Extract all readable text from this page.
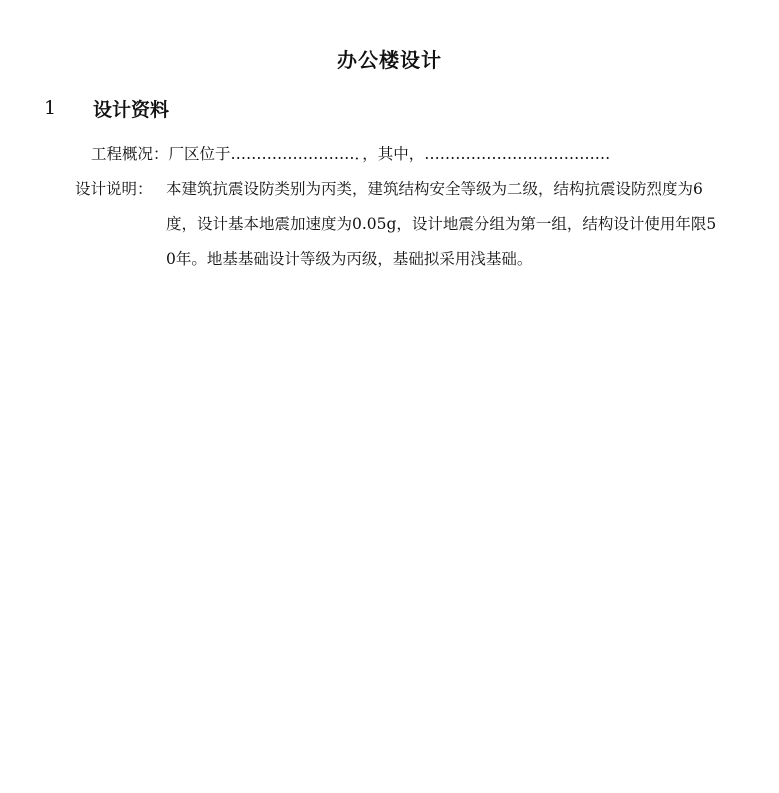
办公楼设计
1	设计资料
工程概况：厂区位于……………………．，其中，………………………………
设计说明： 本建筑抗震设防类别为丙类，建筑结构安全等级为二级，结构抗震设防烈度为6度，设计基本地震加速度为0.05g，设计地震分组为第一组，结构设计使用年限50年。地基基础设计等级为丙级，基础拟采用浅基础。
